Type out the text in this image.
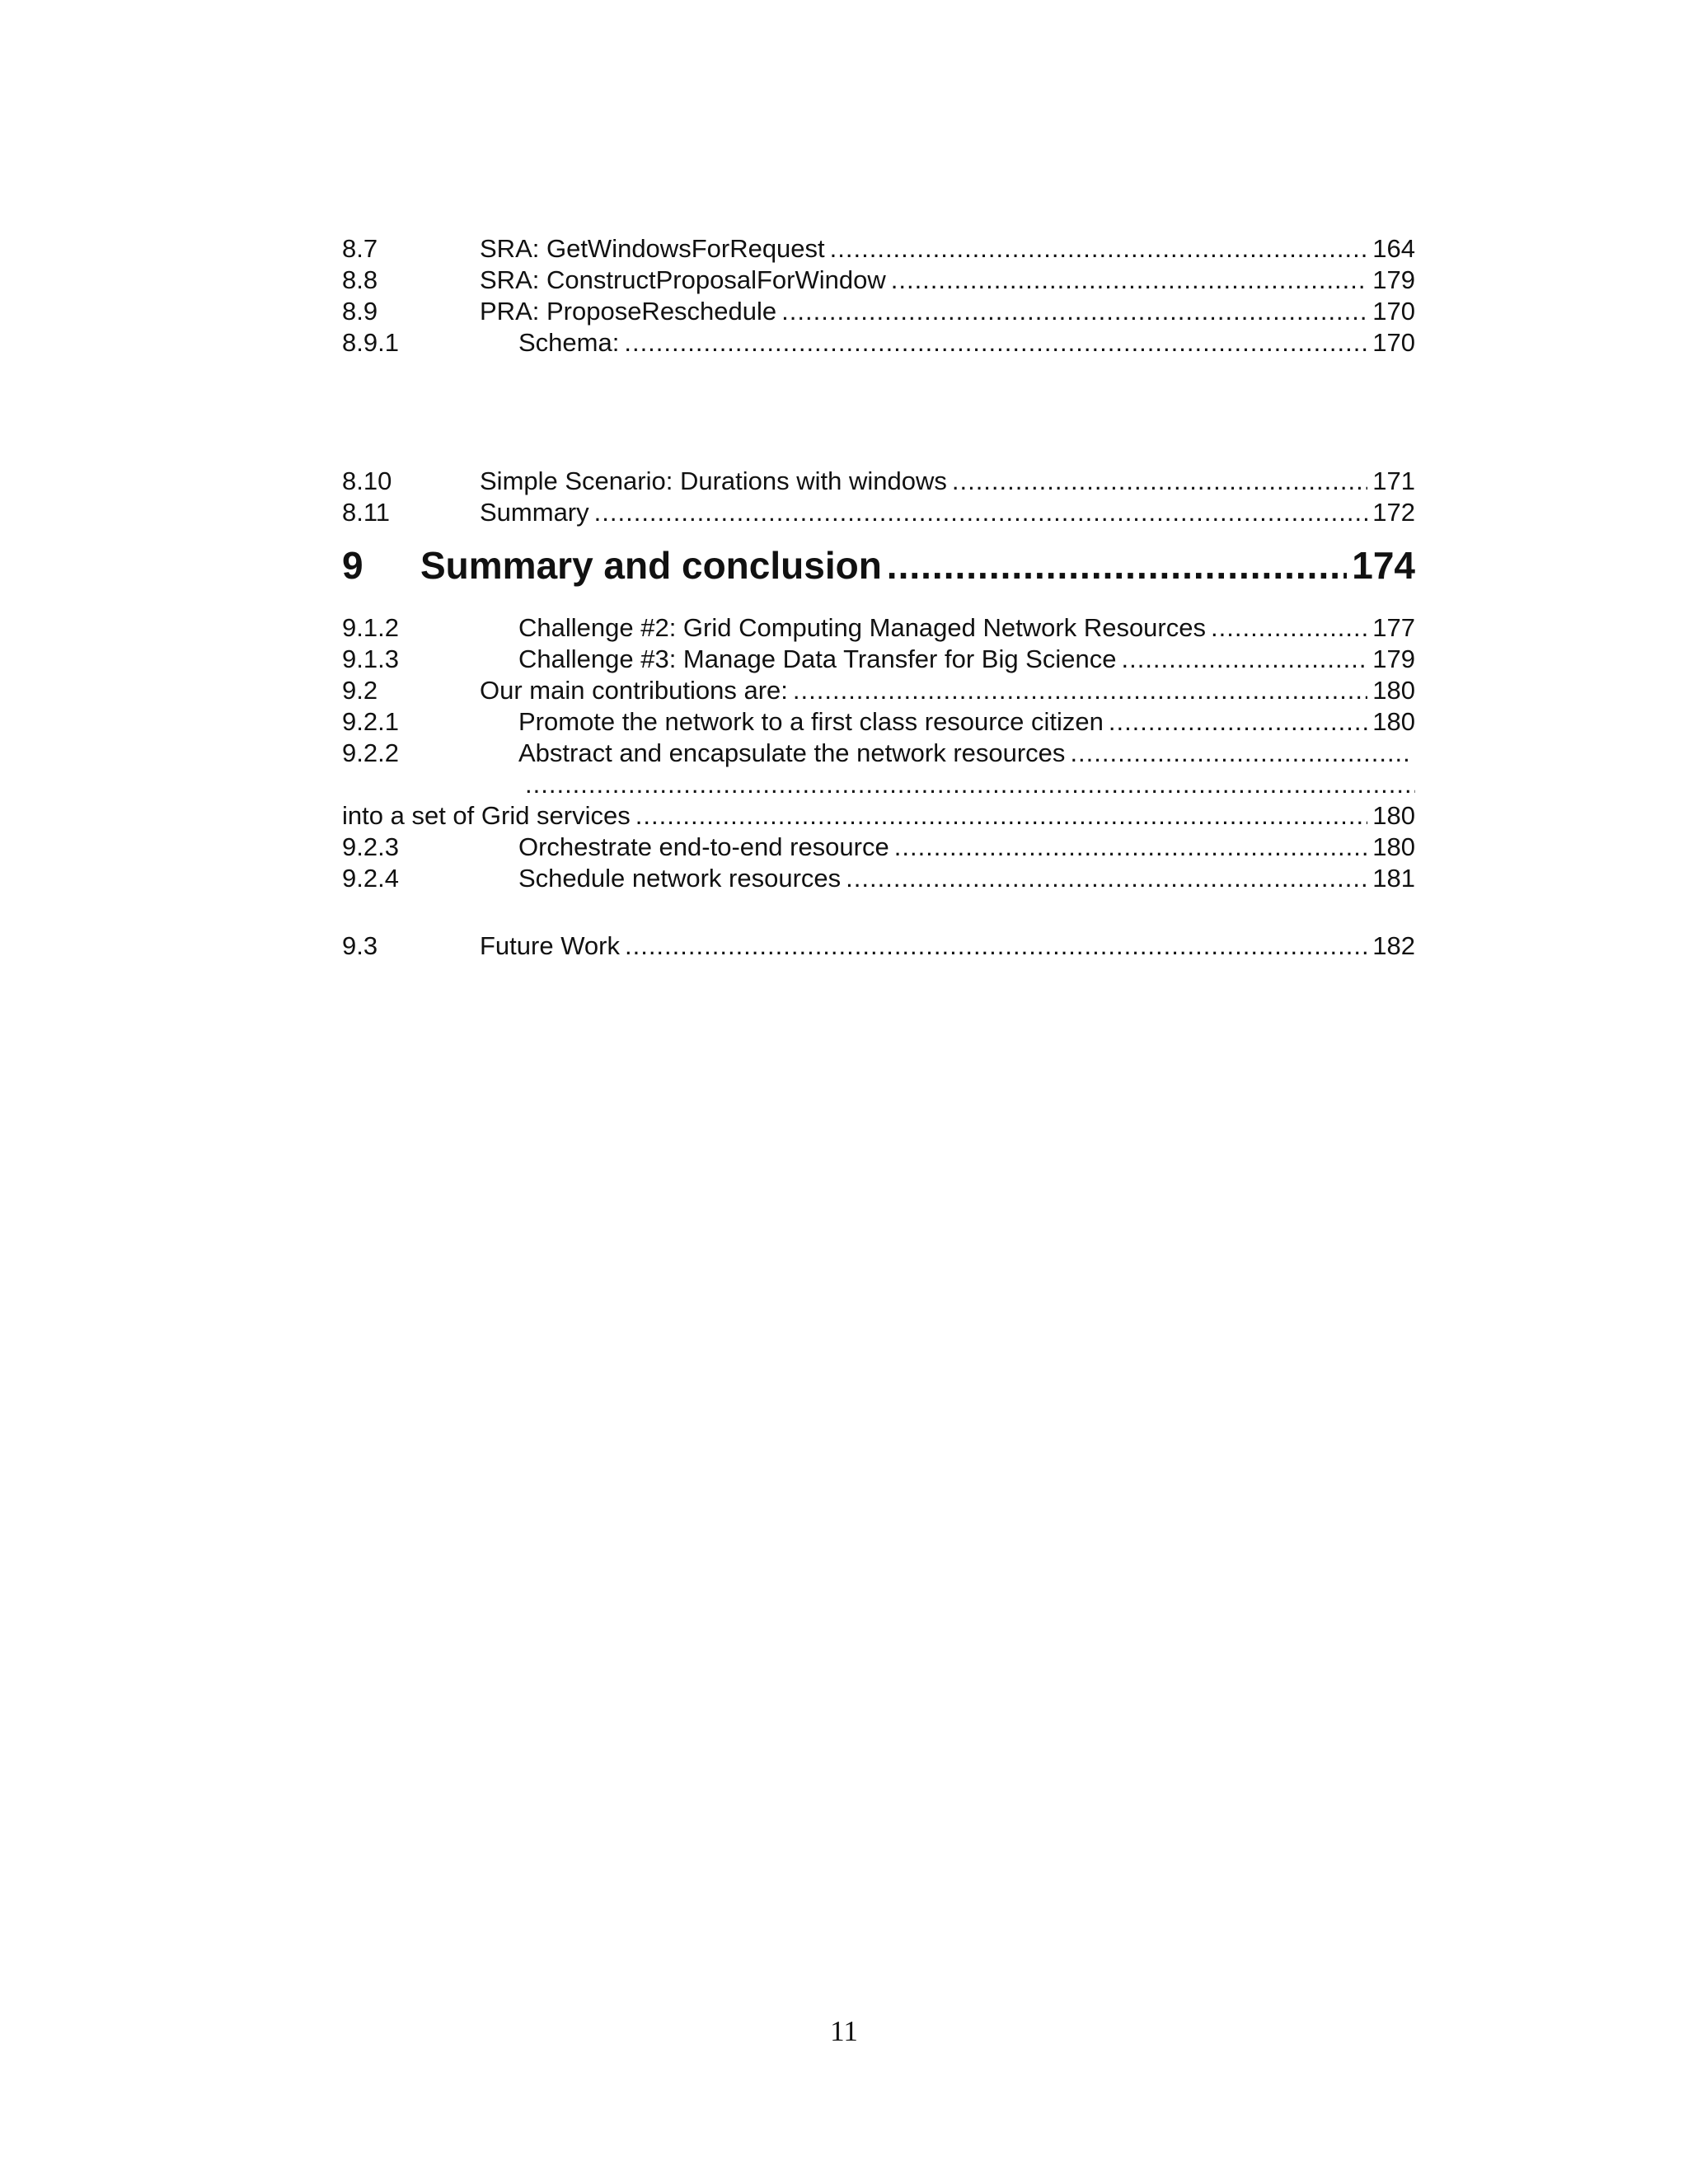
8.7	SRA: GetWindowsForRequest .....	164
8.8	SRA: ConstructProposalForWindow .....	179
8.9	PRA: ProposeReschedule .....	170
8.9.1	Schema: .....	170
8.10	Simple Scenario: Durations with windows .....	171
8.11	Summary .....	172
9	Summary and conclusion .....	174
9.1.2	Challenge #2: Grid Computing Managed Network Resources .....	177
9.1.3	Challenge #3: Manage Data Transfer for Big Science .....	179
9.2	Our main contributions are: .....	180
9.2.1	Promote the network to a first class resource citizen .....	180
9.2.2	Abstract and encapsulate the network resources
.....
.....
into a set of Grid services .....	180
9.2.3	Orchestrate end-to-end resource .....	180
9.2.4	Schedule network resources .....	181
9.3	Future Work .....	182
11
